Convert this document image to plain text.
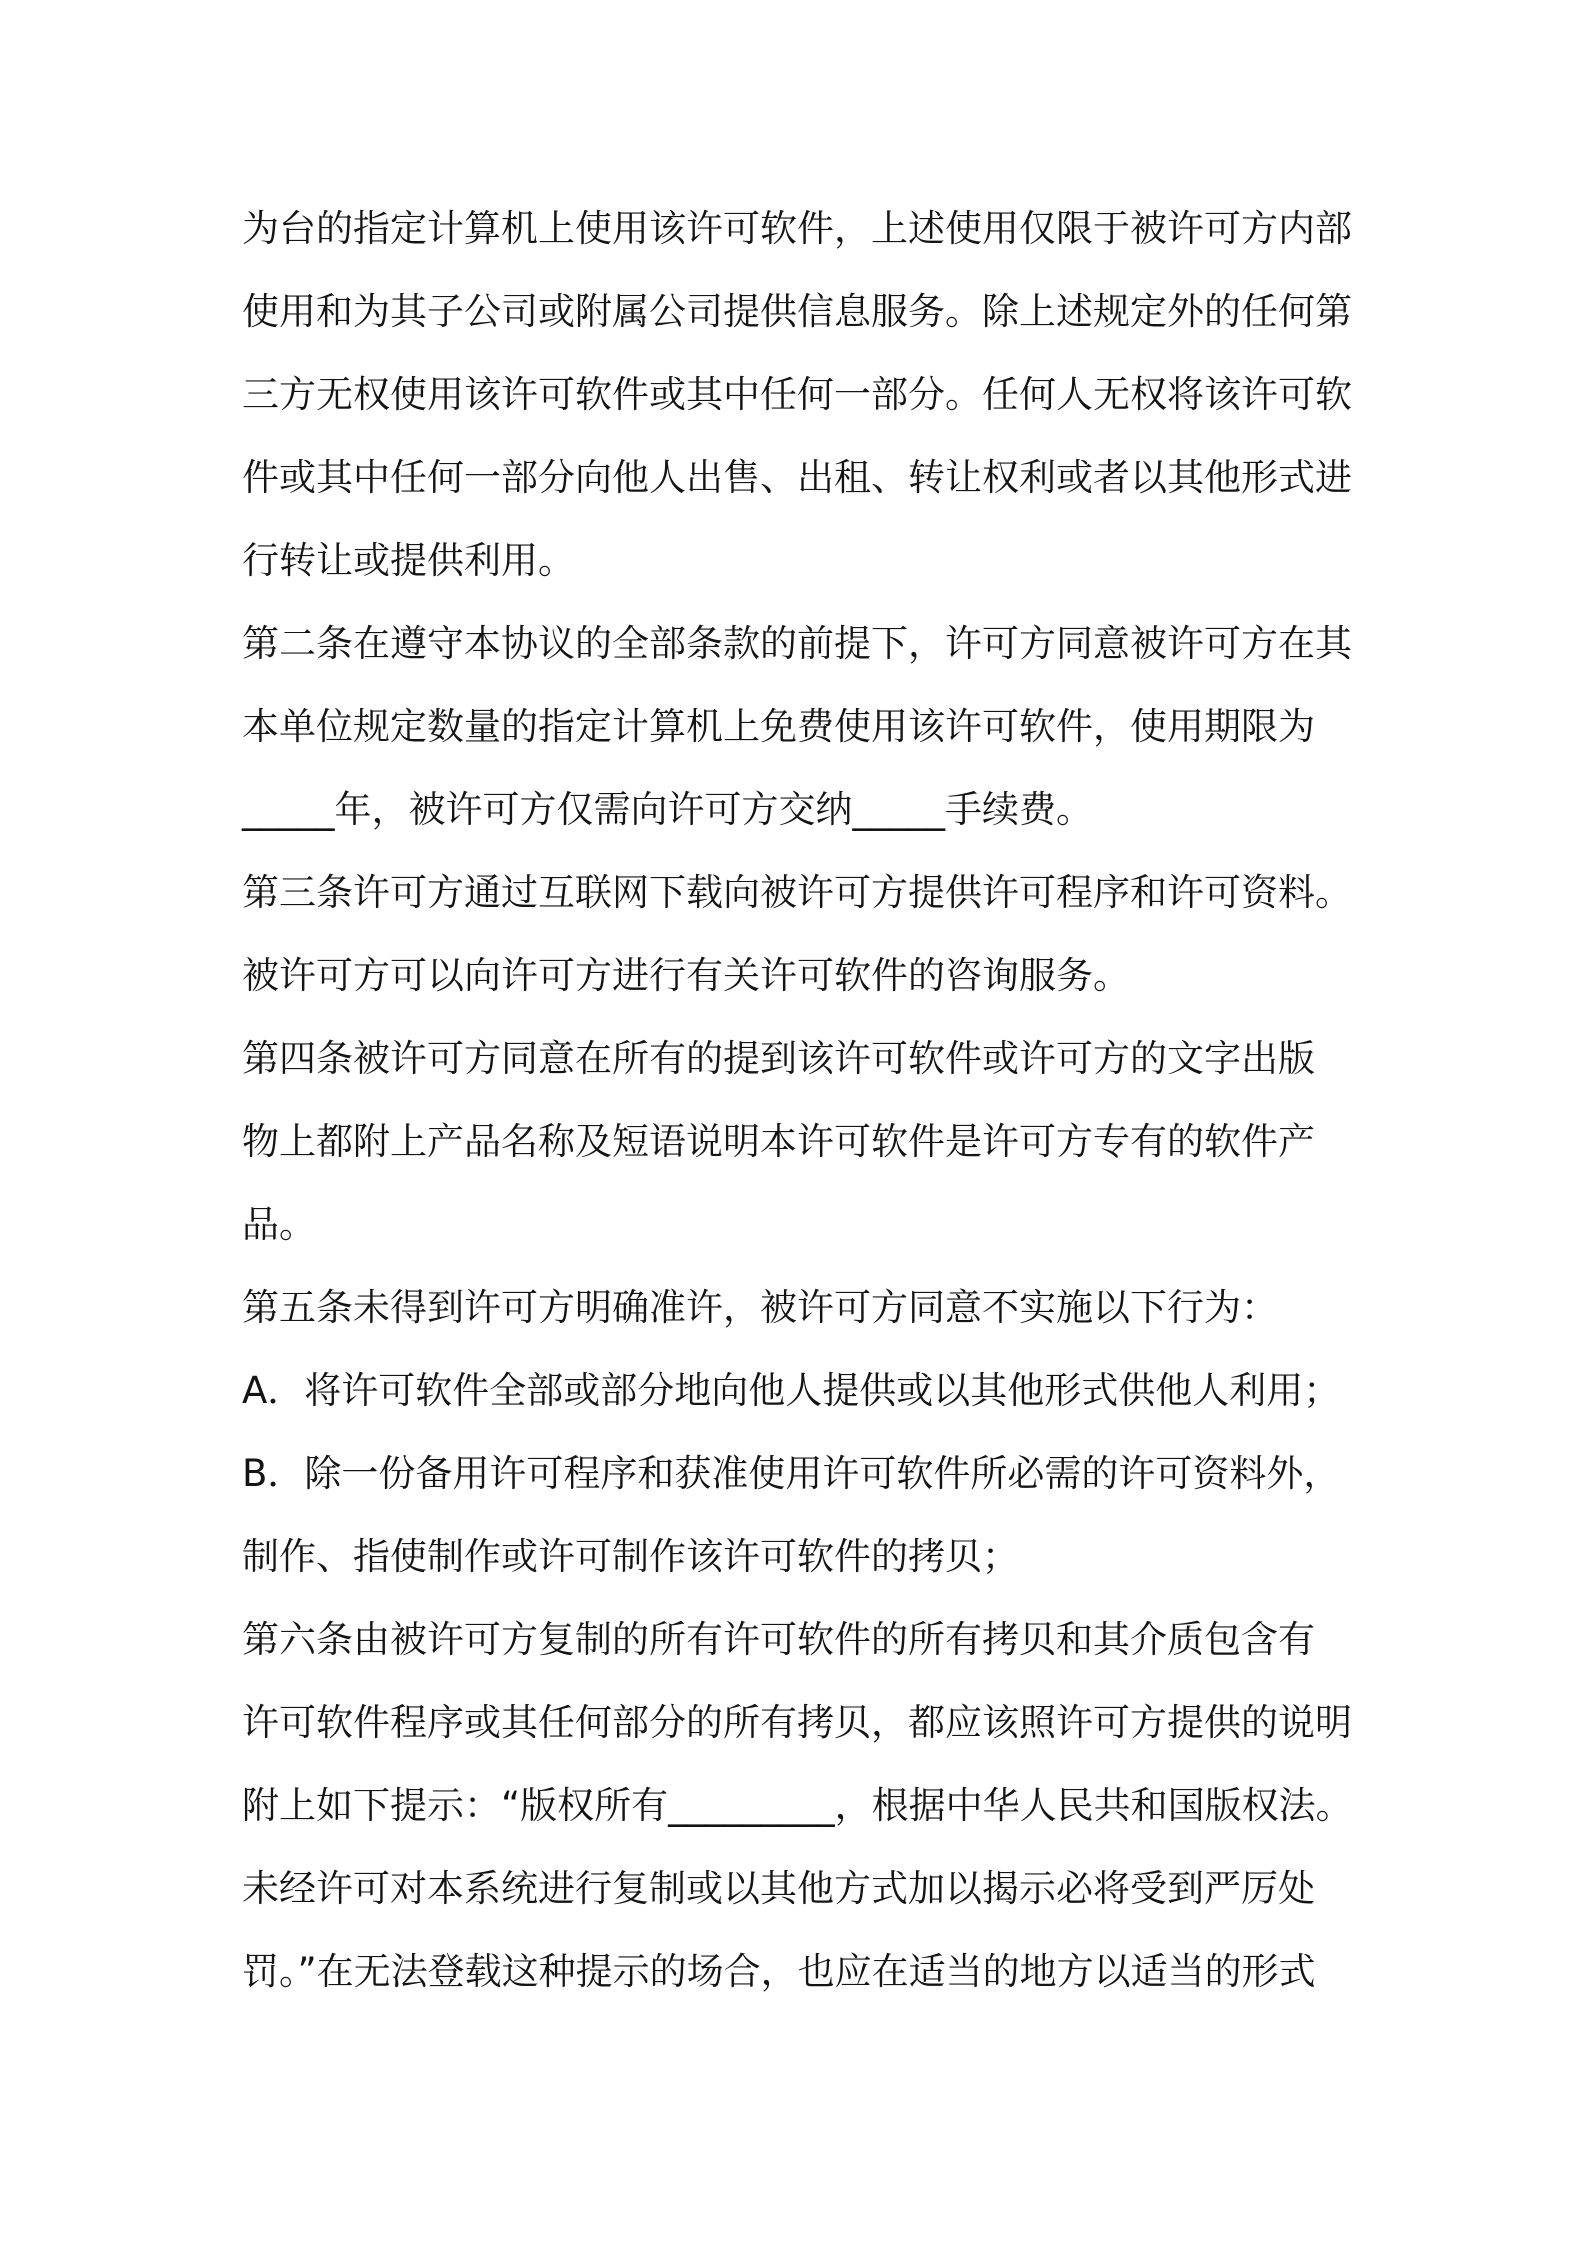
为台的指定计算机上使用该许可软件，上述使用仅限于被许可方内部
使用和为其子公司或附属公司提供信息服务。除上述规定外的任何第
三方无权使用该许可软件或其中任何一部分。任何人无权将该许可软
件或其中任何一部分向他人出售、出租、转让权利或者以其他形式进
行转让或提供利用。
第二条在遵守本协议的全部条款的前提下，许可方同意被许可方在其
本单位规定数量的指定计算机上免费使用该许可软件，使用期限为
_____年，被许可方仅需向许可方交纳_____手续费。
第三条许可方通过互联网下载向被许可方提供许可程序和许可资料。
被许可方可以向许可方进行有关许可软件的咨询服务。
第四条被许可方同意在所有的提到该许可软件或许可方的文字出版
物上都附上产品名称及短语说明本许可软件是许可方专有的软件产
品。
第五条未得到许可方明确准许，被许可方同意不实施以下行为：
A．将许可软件全部或部分地向他人提供或以其他形式供他人利用；
B．除一份备用许可程序和获准使用许可软件所必需的许可资料外，
制作、指使制作或许可制作该许可软件的拷贝；
第六条由被许可方复制的所有许可软件的所有拷贝和其介质包含有
许可软件程序或其任何部分的所有拷贝，都应该照许可方提供的说明
附上如下提示：“版权所有_________，根据中华人民共和国版权法。
未经许可对本系统进行复制或以其他方式加以揭示必将受到严厉处
罚。”在无法登载这种提示的场合，也应在适当的地方以适当的形式
